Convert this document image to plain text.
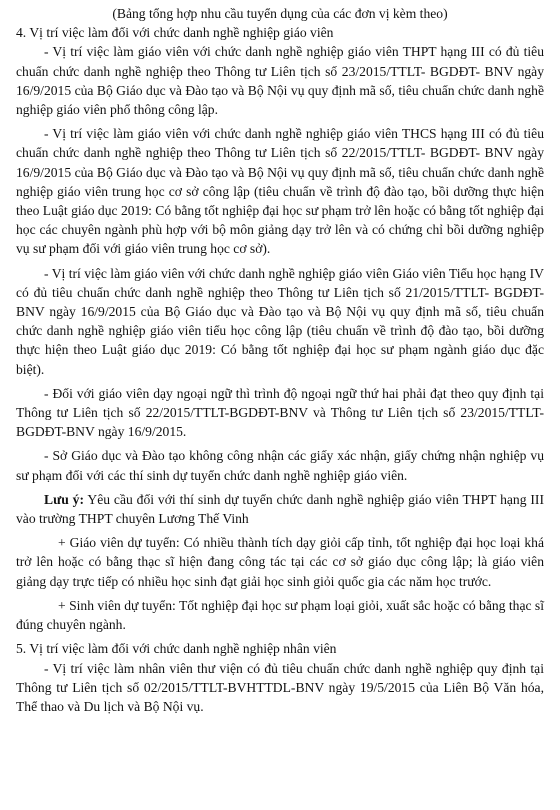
(Bảng tổng hợp nhu cầu tuyển dụng của các đơn vị kèm theo)

4. Vị trí việc làm đối với chức danh nghề nghiệp giáo viên

- Vị trí việc làm giáo viên với chức danh nghề nghiệp giáo viên THPT hạng III có đủ tiêu chuẩn chức danh nghề nghiệp theo Thông tư Liên tịch số 23/2015/TTLT- BGDĐT- BNV ngày 16/9/2015 của Bộ Giáo dục và Đào tạo và Bộ Nội vụ quy định mã số, tiêu chuẩn chức danh nghề nghiệp giáo viên phổ thông công lập.

- Vị trí việc làm giáo viên với chức danh nghề nghiệp giáo viên THCS hạng III có đủ tiêu chuẩn chức danh nghề nghiệp theo Thông tư Liên tịch số 22/2015/TTLT- BGDĐT- BNV ngày 16/9/2015 của Bộ Giáo dục và Đào tạo và Bộ Nội vụ quy định mã số, tiêu chuẩn chức danh nghề nghiệp giáo viên trung học cơ sở công lập (tiêu chuẩn về trình độ đào tạo, bồi dưỡng thực hiện theo Luật giáo dục 2019: Có bằng tốt nghiệp đại học sư phạm trở lên hoặc có bằng tốt nghiệp đại học các chuyên ngành phù hợp với bộ môn giảng dạy trở lên và có chứng chỉ bồi dưỡng nghiệp vụ sư phạm đối với giáo viên trung học cơ sở).

- Vị trí việc làm giáo viên với chức danh nghề nghiệp giáo viên Giáo viên Tiểu học hạng IV có đủ tiêu chuẩn chức danh nghề nghiệp theo Thông tư Liên tịch số 21/2015/TTLT- BGDĐT- BNV ngày 16/9/2015 của Bộ Giáo dục và Đào tạo và Bộ Nội vụ quy định mã số, tiêu chuẩn chức danh nghề nghiệp giáo viên tiểu học công lập (tiêu chuẩn về trình độ đào tạo, bồi dưỡng thực hiện theo Luật giáo dục 2019: Có bằng tốt nghiệp đại học sư phạm ngành giáo dục đặc biệt).

- Đối với giáo viên dạy ngoại ngữ thì trình độ ngoại ngữ thứ hai phải đạt theo quy định tại Thông tư Liên tịch số 22/2015/TTLT-BGDĐT-BNV và Thông tư Liên tịch số 23/2015/TTLT-BGDĐT-BNV ngày 16/9/2015.

- Sở Giáo dục và Đào tạo không công nhận các giấy xác nhận, giấy chứng nhận nghiệp vụ sư phạm đối với các thí sinh dự tuyển chức danh nghề nghiệp giáo viên.

Lưu ý: Yêu cầu đối với thí sinh dự tuyển chức danh nghề nghiệp giáo viên THPT hạng III vào trường THPT chuyên Lương Thế Vinh

+ Giáo viên dự tuyển: Có nhiều thành tích dạy giỏi cấp tỉnh, tốt nghiệp đại học loại khá trở lên hoặc có bằng thạc sĩ hiện đang công tác tại các cơ sở giáo dục công lập; là giáo viên giảng dạy trực tiếp có nhiều học sinh đạt giải học sinh giỏi quốc gia các năm học trước.

+ Sinh viên dự tuyển: Tốt nghiệp đại học sư phạm loại giỏi, xuất sắc hoặc có bằng thạc sĩ đúng chuyên ngành.

5. Vị trí việc làm đối với chức danh nghề nghiệp nhân viên

- Vị trí việc làm nhân viên thư viện có đủ tiêu chuẩn chức danh nghề nghiệp quy định tại Thông tư Liên tịch số 02/2015/TTLT-BVHTTDL-BNV ngày 19/5/2015 của Liên Bộ Văn hóa, Thể thao và Du lịch và Bộ Nội vụ.
